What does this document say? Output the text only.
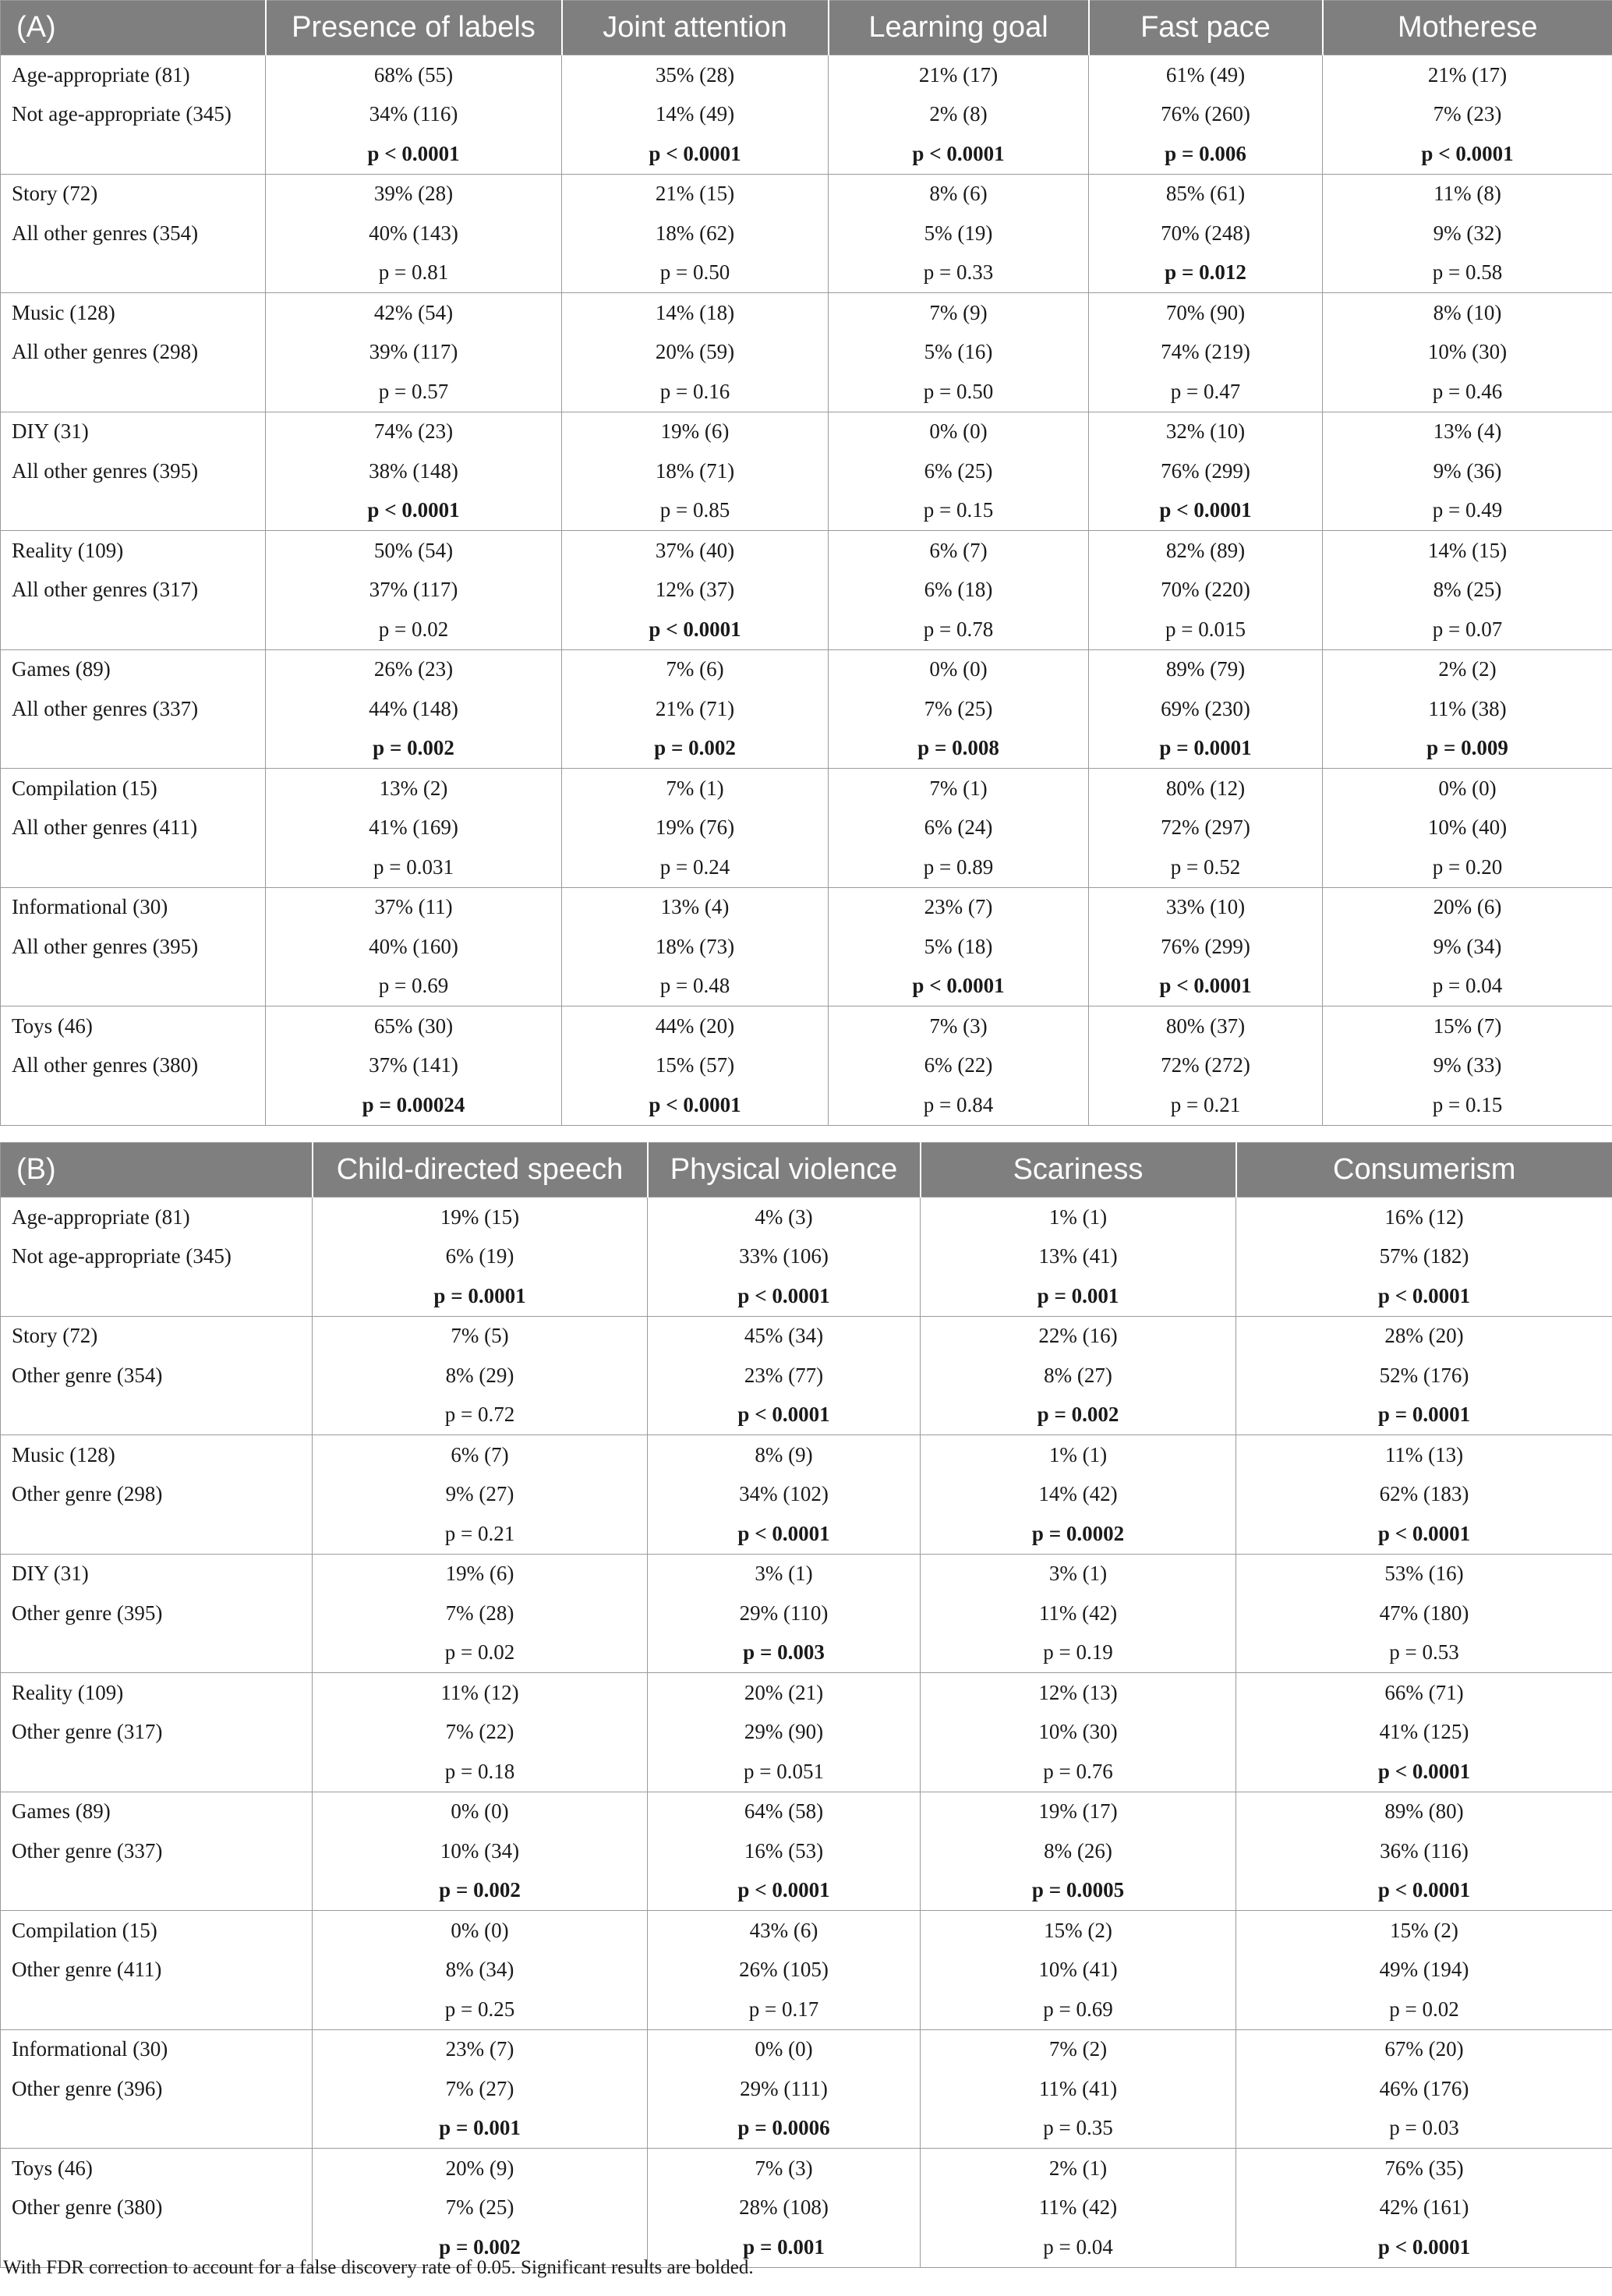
(A)	Presence of labels	Joint attention	Learning goal	Fast pace	Motherese
Age-appropriate (81)	68% (55)	35% (28)	21% (17)	61% (49)	21% (17)
Not age-appropriate (345)	34% (116)	14% (49)	2% (8)	76% (260)	7% (23)
	p < 0.0001	p < 0.0001	p < 0.0001	p = 0.006	p < 0.0001
Story (72)	39% (28)	21% (15)	8% (6)	85% (61)	11% (8)
All other genres (354)	40% (143)	18% (62)	5% (19)	70% (248)	9% (32)
	p = 0.81	p = 0.50	p = 0.33	p = 0.012	p = 0.58
Music (128)	42% (54)	14% (18)	7% (9)	70% (90)	8% (10)
All other genres (298)	39% (117)	20% (59)	5% (16)	74% (219)	10% (30)
	p = 0.57	p = 0.16	p = 0.50	p = 0.47	p = 0.46
DIY (31)	74% (23)	19% (6)	0% (0)	32% (10)	13% (4)
All other genres (395)	38% (148)	18% (71)	6% (25)	76% (299)	9% (36)
	p < 0.0001	p = 0.85	p = 0.15	p < 0.0001	p = 0.49
Reality (109)	50% (54)	37% (40)	6% (7)	82% (89)	14% (15)
All other genres (317)	37% (117)	12% (37)	6% (18)	70% (220)	8% (25)
	p = 0.02	p < 0.0001	p = 0.78	p = 0.015	p = 0.07
Games (89)	26% (23)	7% (6)	0% (0)	89% (79)	2% (2)
All other genres (337)	44% (148)	21% (71)	7% (25)	69% (230)	11% (38)
	p = 0.002	p = 0.002	p = 0.008	p = 0.0001	p = 0.009
Compilation (15)	13% (2)	7% (1)	7% (1)	80% (12)	0% (0)
All other genres (411)	41% (169)	19% (76)	6% (24)	72% (297)	10% (40)
	p = 0.031	p = 0.24	p = 0.89	p = 0.52	p = 0.20
Informational (30)	37% (11)	13% (4)	23% (7)	33% (10)	20% (6)
All other genres (395)	40% (160)	18% (73)	5% (18)	76% (299)	9% (34)
	p = 0.69	p = 0.48	p < 0.0001	p < 0.0001	p = 0.04
Toys (46)	65% (30)	44% (20)	7% (3)	80% (37)	15% (7)
All other genres (380)	37% (141)	15% (57)	6% (22)	72% (272)	9% (33)
	p = 0.00024	p < 0.0001	p = 0.84	p = 0.21	p = 0.15
(B)	Child-directed speech	Physical violence	Scariness	Consumerism
Age-appropriate (81)	19% (15)	4% (3)	1% (1)	16% (12)
Not age-appropriate (345)	6% (19)	33% (106)	13% (41)	57% (182)
	p = 0.0001	p < 0.0001	p = 0.001	p < 0.0001
Story (72)	7% (5)	45% (34)	22% (16)	28% (20)
Other genre (354)	8% (29)	23% (77)	8% (27)	52% (176)
	p = 0.72	p < 0.0001	p = 0.002	p = 0.0001
Music (128)	6% (7)	8% (9)	1% (1)	11% (13)
Other genre (298)	9% (27)	34% (102)	14% (42)	62% (183)
	p = 0.21	p < 0.0001	p = 0.0002	p < 0.0001
DIY (31)	19% (6)	3% (1)	3% (1)	53% (16)
Other genre (395)	7% (28)	29% (110)	11% (42)	47% (180)
	p = 0.02	p = 0.003	p = 0.19	p = 0.53
Reality (109)	11% (12)	20% (21)	12% (13)	66% (71)
Other genre (317)	7% (22)	29% (90)	10% (30)	41% (125)
	p = 0.18	p = 0.051	p = 0.76	p < 0.0001
Games (89)	0% (0)	64% (58)	19% (17)	89% (80)
Other genre (337)	10% (34)	16% (53)	8% (26)	36% (116)
	p = 0.002	p < 0.0001	p = 0.0005	p < 0.0001
Compilation (15)	0% (0)	43% (6)	15% (2)	15% (2)
Other genre (411)	8% (34)	26% (105)	10% (41)	49% (194)
	p = 0.25	p = 0.17	p = 0.69	p = 0.02
Informational (30)	23% (7)	0% (0)	7% (2)	67% (20)
Other genre (396)	7% (27)	29% (111)	11% (41)	46% (176)
	p = 0.001	p = 0.0006	p = 0.35	p = 0.03
Toys (46)	20% (9)	7% (3)	2% (1)	76% (35)
Other genre (380)	7% (25)	28% (108)	11% (42)	42% (161)
	p = 0.002	p = 0.001	p = 0.04	p < 0.0001
With FDR correction to account for a false discovery rate of 0.05. Significant results are bolded.
